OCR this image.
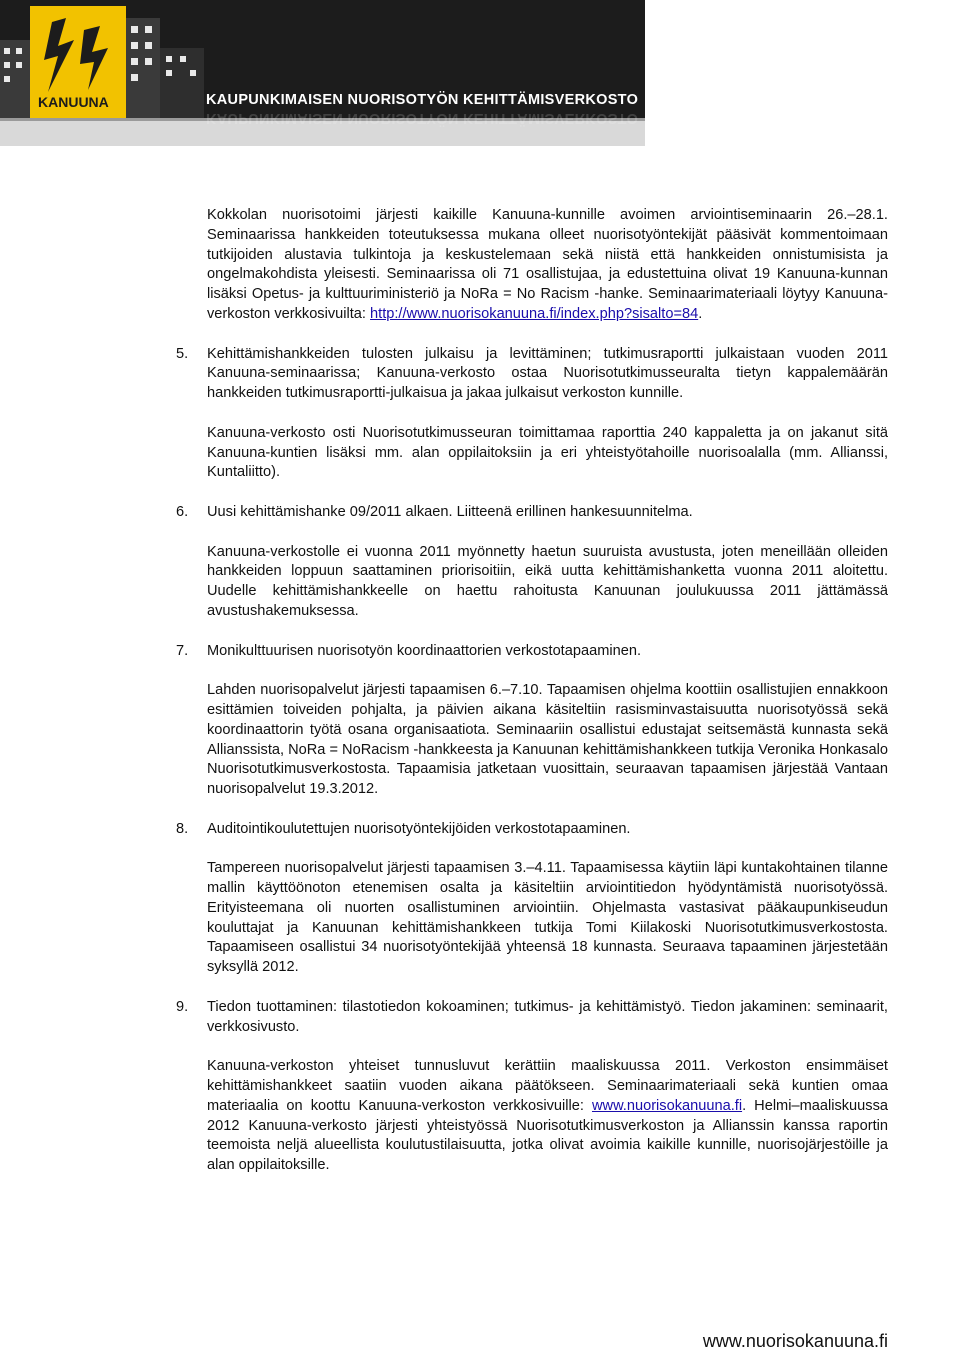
KANUUNA	KAUPUNKIMAISEN NUORISOTYÖN KEHITTÄMISVERKOSTO
KAUPUNKIMAISEN NUORISOTYÖN KEHITTÄMISVERKOSTO

Kokkolan nuorisotoimi järjesti kaikille Kanuuna-kunnille avoimen arviointiseminaarin 26.–28.1. Seminaarissa hankkeiden toteutuksessa mukana olleet nuorisotyöntekijät pääsivät kommentoimaan tutkijoiden alustavia tulkintoja ja keskustelemaan sekä niistä että hankkeiden onnistumisista ja ongelmakohdista yleisesti. Seminaarissa oli 71 osallistujaa, ja edustettuina olivat 19 Kanuuna-kunnan lisäksi Opetus- ja kulttuuriministeriö ja NoRa = No Racism -hanke. Seminaarimateriaali löytyy Kanuuna-verkoston verkkosivuilta: http://www.nuorisokanuuna.fi/index.php?sisalto=84.

5. Kehittämishankkeiden tulosten julkaisu ja levittäminen; tutkimusraportti julkaistaan vuoden 2011 Kanuuna-seminaarissa; Kanuuna-verkosto ostaa Nuorisotutkimusseuralta tietyn kappalemäärän hankkeiden tutkimusraportti-julkaisua ja jakaa julkaisut verkoston kunnille.

Kanuuna-verkosto osti Nuorisotutkimusseuran toimittamaa raporttia 240 kappaletta ja on jakanut sitä Kanuuna-kuntien lisäksi mm. alan oppilaitoksiin ja eri yhteistyötahoille nuorisoalalla (mm. Allianssi, Kuntaliitto).

6. Uusi kehittämishanke 09/2011 alkaen. Liitteenä erillinen hankesuunnitelma.

Kanuuna-verkostolle ei vuonna 2011 myönnetty haetun suuruista avustusta, joten meneillään olleiden hankkeiden loppuun saattaminen priorisoitiin, eikä uutta kehittämishanketta vuonna 2011 aloitettu. Uudelle kehittämishankkeelle on haettu rahoitusta Kanuunan joulukuussa 2011 jättämässä avustushakemuksessa.

7. Monikulttuurisen nuorisotyön koordinaattorien verkostotapaaminen.

Lahden nuorisopalvelut järjesti tapaamisen 6.–7.10. Tapaamisen ohjelma koottiin osallistujien ennakkoon esittämien toiveiden pohjalta, ja päivien aikana käsiteltiin rasisminvastaisuutta nuorisotyössä sekä koordinaattorin työtä osana organisaatiota. Seminaariin osallistui edustajat seitsemästä kunnasta sekä Allianssista, NoRa = NoRacism -hankkeesta ja Kanuunan kehittämishankkeen tutkija Veronika Honkasalo Nuorisotutkimusverkostosta. Tapaamisia jatketaan vuosittain, seuraavan tapaamisen järjestää Vantaan nuorisopalvelut 19.3.2012.

8. Auditointikoulutettujen nuorisotyöntekijöiden verkostotapaaminen.

Tampereen nuorisopalvelut järjesti tapaamisen 3.–4.11. Tapaamisessa käytiin läpi kuntakohtainen tilanne mallin käyttöönoton etenemisen osalta ja käsiteltiin arviointitiedon hyödyntämistä nuorisotyössä. Erityisteemana oli nuorten osallistuminen arviointiin. Ohjelmasta vastasivat pääkaupunkiseudun kouluttajat ja Kanuunan kehittämishankkeen tutkija Tomi Kiilakoski Nuorisotutkimusverkostosta. Tapaamiseen osallistui 34 nuorisotyöntekijää yhteensä 18 kunnasta. Seuraava tapaaminen järjestetään syksyllä 2012.

9. Tiedon tuottaminen: tilastotiedon kokoaminen; tutkimus- ja kehittämistyö. Tiedon jakaminen: seminaarit, verkkosivusto.

Kanuuna-verkoston yhteiset tunnusluvut kerättiin maaliskuussa 2011. Verkoston ensimmäiset kehittämishankkeet saatiin vuoden aikana päätökseen. Seminaarimateriaali sekä kuntien omaa materiaalia on koottu Kanuuna-verkoston verkkosivuille: www.nuorisokanuuna.fi. Helmi–maaliskuussa 2012 Kanuuna-verkosto järjesti yhteistyössä Nuorisotutkimusverkoston ja Allianssin kanssa raportin teemoista neljä alueellista koulutustilaisuutta, jotka olivat avoimia kaikille kunnille, nuorisojärjestöille ja alan oppilaitoksille.

www.nuorisokanuuna.fi
